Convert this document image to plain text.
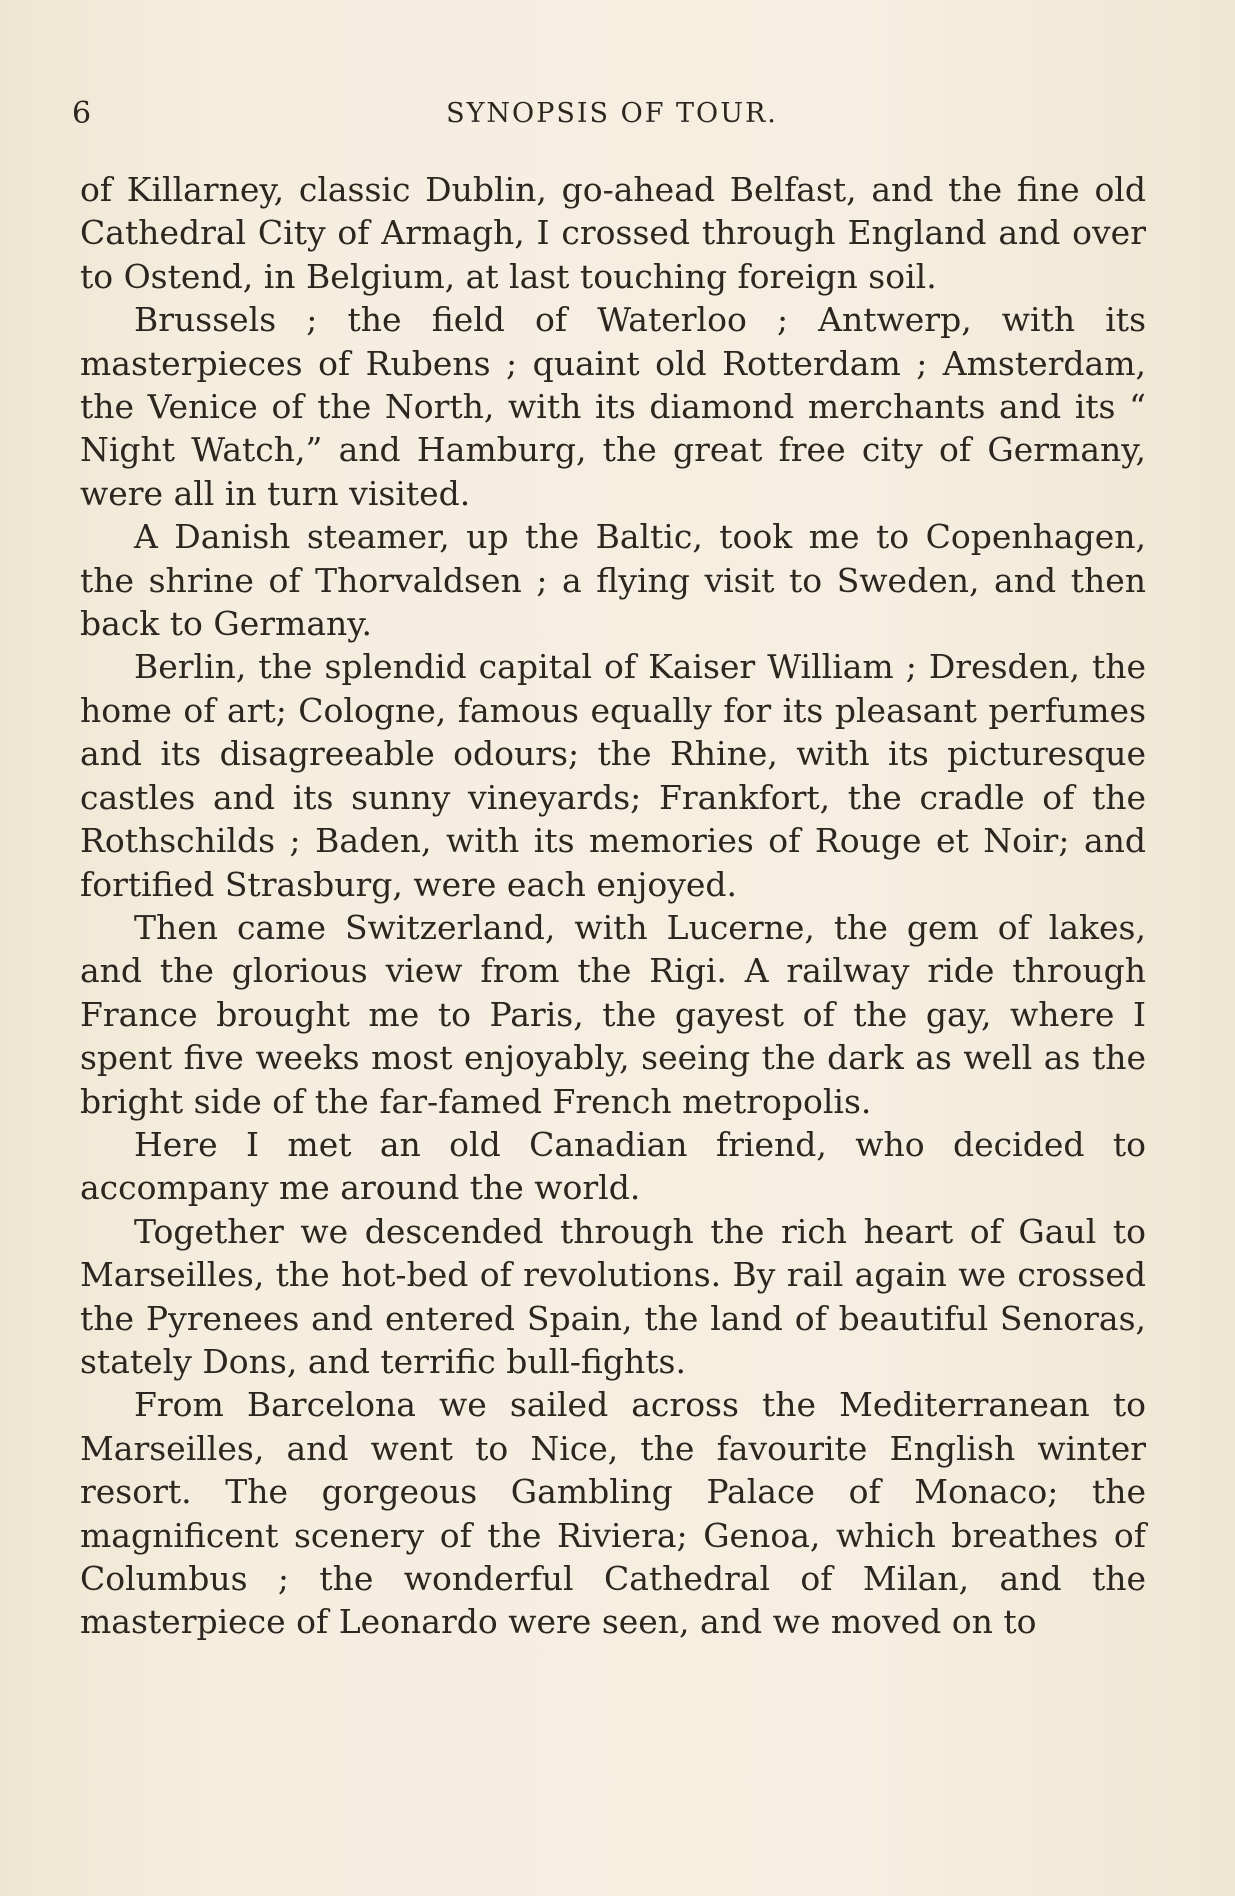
6	SYNOPSIS OF TOUR.

of Killarney, classic Dublin, go-ahead Belfast, and the fine old Cathedral City of Armagh, I crossed through England and over to Ostend, in Belgium, at last touching foreign soil.

Brussels ; the field of Waterloo ; Antwerp, with its masterpieces of Rubens ; quaint old Rotterdam ; Amsterdam, the Venice of the North, with its diamond merchants and its “ Night Watch,” and Hamburg, the great free city of Germany, were all in turn visited.

A Danish steamer, up the Baltic, took me to Copenhagen, the shrine of Thorvaldsen ; a flying visit to Sweden, and then back to Germany.

Berlin, the splendid capital of Kaiser William ; Dresden, the home of art; Cologne, famous equally for its pleasant perfumes and its disagreeable odours; the Rhine, with its picturesque castles and its sunny vineyards; Frankfort, the cradle of the Rothschilds ; Baden, with its memories of Rouge et Noir; and fortified Strasburg, were each enjoyed.

Then came Switzerland, with Lucerne, the gem of lakes, and the glorious view from the Rigi. A railway ride through France brought me to Paris, the gayest of the gay, where I spent five weeks most enjoyably, seeing the dark as well as the bright side of the far-famed French metropolis.

Here I met an old Canadian friend, who decided to accompany me around the world.

Together we descended through the rich heart of Gaul to Marseilles, the hot-bed of revolutions. By rail again we crossed the Pyrenees and entered Spain, the land of beautiful Senoras, stately Dons, and terrific bull-fights.

From Barcelona we sailed across the Mediterranean to Marseilles, and went to Nice, the favourite English winter resort. The gorgeous Gambling Palace of Monaco; the magnificent scenery of the Riviera; Genoa, which breathes of Columbus ; the wonderful Cathedral of Milan, and the masterpiece of Leonardo were seen, and we moved on to
